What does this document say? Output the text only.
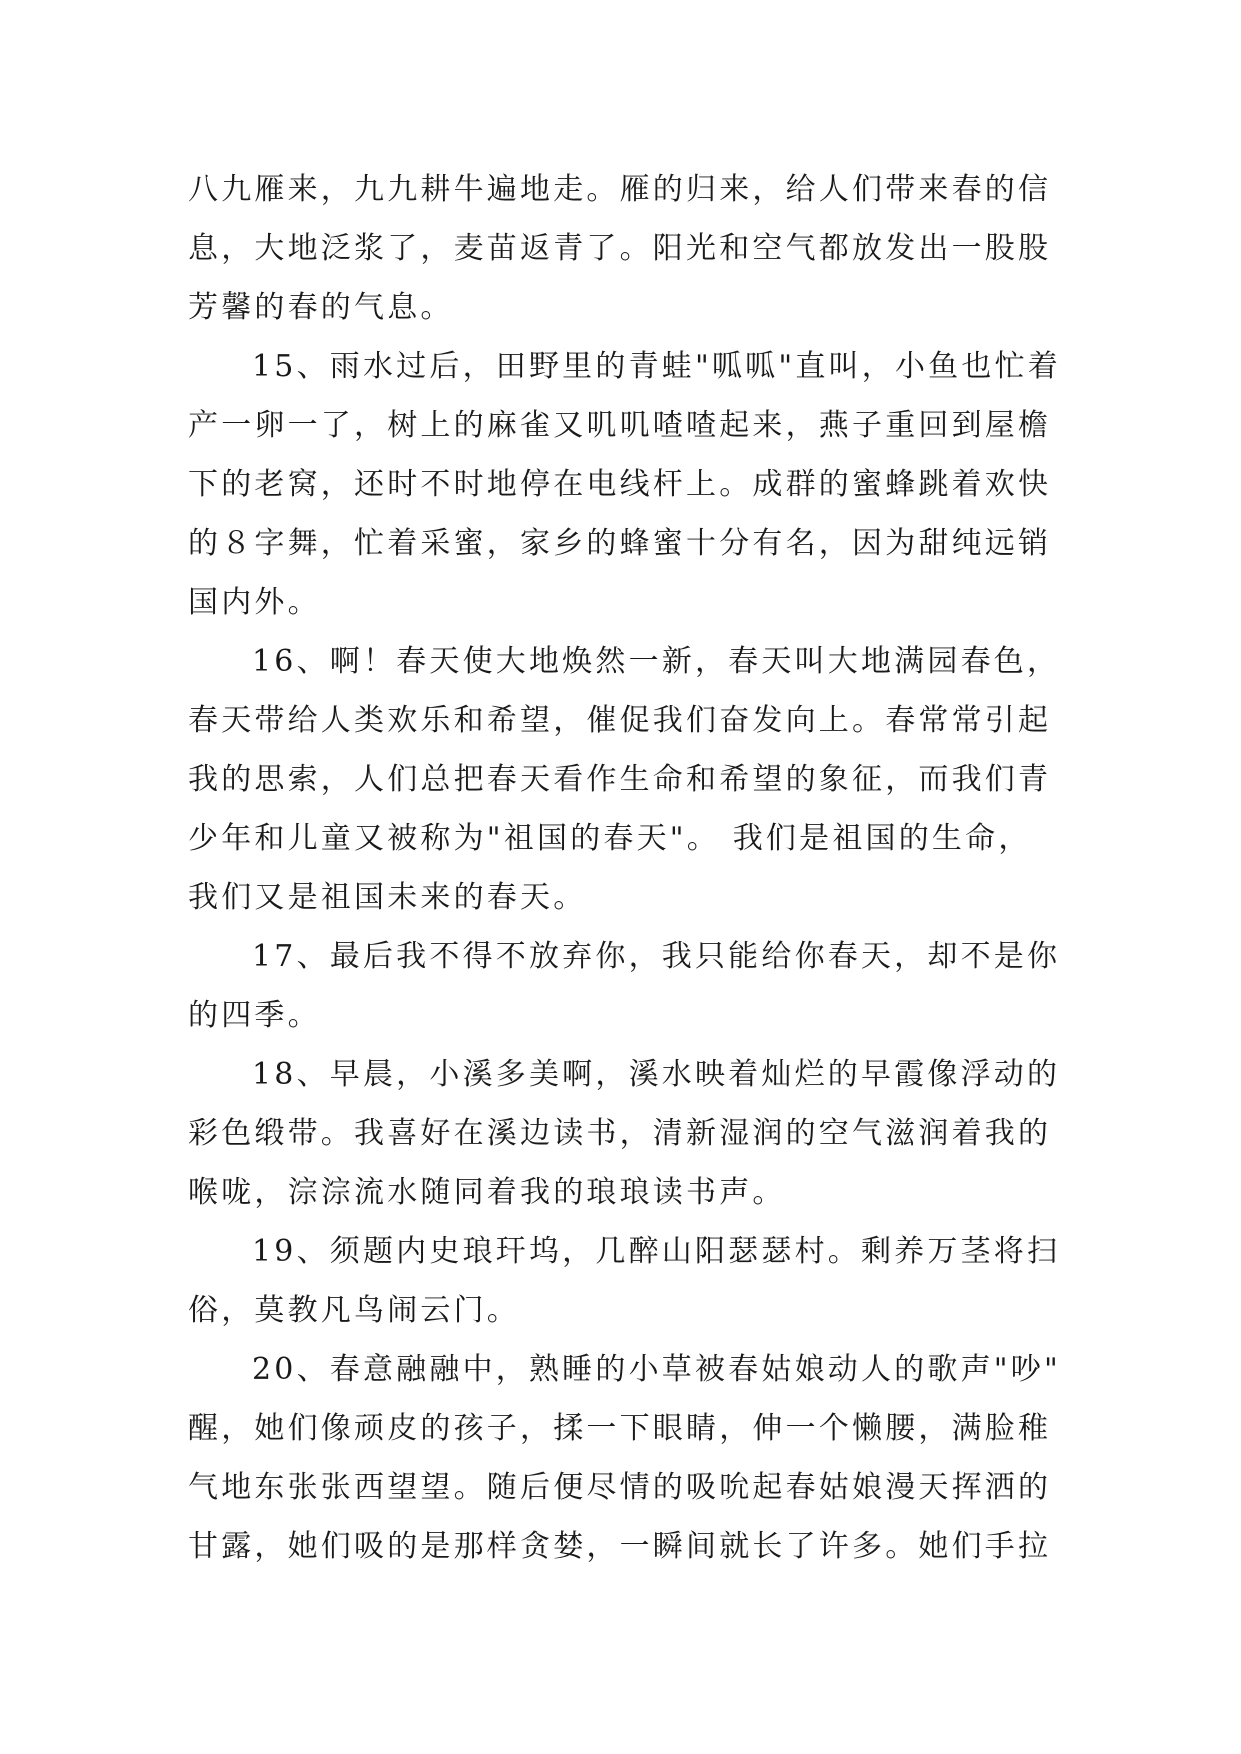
八九雁来，九九耕牛遍地走。雁的归来，给人们带来春的信
息，大地泛浆了，麦苗返青了。阳光和空气都放发出一股股
芳馨的春的气息。

15、雨水过后，田野里的青蛙"呱呱"直叫，小鱼也忙着
产一卵一了，树上的麻雀又叽叽喳喳起来，燕子重回到屋檐
下的老窝，还时不时地停在电线杆上。成群的蜜蜂跳着欢快
的８字舞，忙着采蜜，家乡的蜂蜜十分有名，因为甜纯远销
国内外。

16、啊！春天使大地焕然一新，春天叫大地满园春色，
春天带给人类欢乐和希望，催促我们奋发向上。春常常引起
我的思索，人们总把春天看作生命和希望的象征，而我们青
少年和儿童又被称为"祖国的春天"。 我们是祖国的生命，
我们又是祖国未来的春天。

17、最后我不得不放弃你，我只能给你春天，却不是你
的四季。

18、早晨，小溪多美啊，溪水映着灿烂的早霞像浮动的
彩色缎带。我喜好在溪边读书，清新湿润的空气滋润着我的
喉咙，淙淙流水随同着我的琅琅读书声。

19、须题内史琅玕坞，几醉山阳瑟瑟村。剩养万茎将扫
俗，莫教凡鸟闹云门。

20、春意融融中，熟睡的小草被春姑娘动人的歌声"吵"
醒，她们像顽皮的孩子，揉一下眼睛，伸一个懒腰，满脸稚
气地东张张西望望。随后便尽情的吸吮起春姑娘漫天挥洒的
甘露，她们吸的是那样贪婪，一瞬间就长了许多。她们手拉
